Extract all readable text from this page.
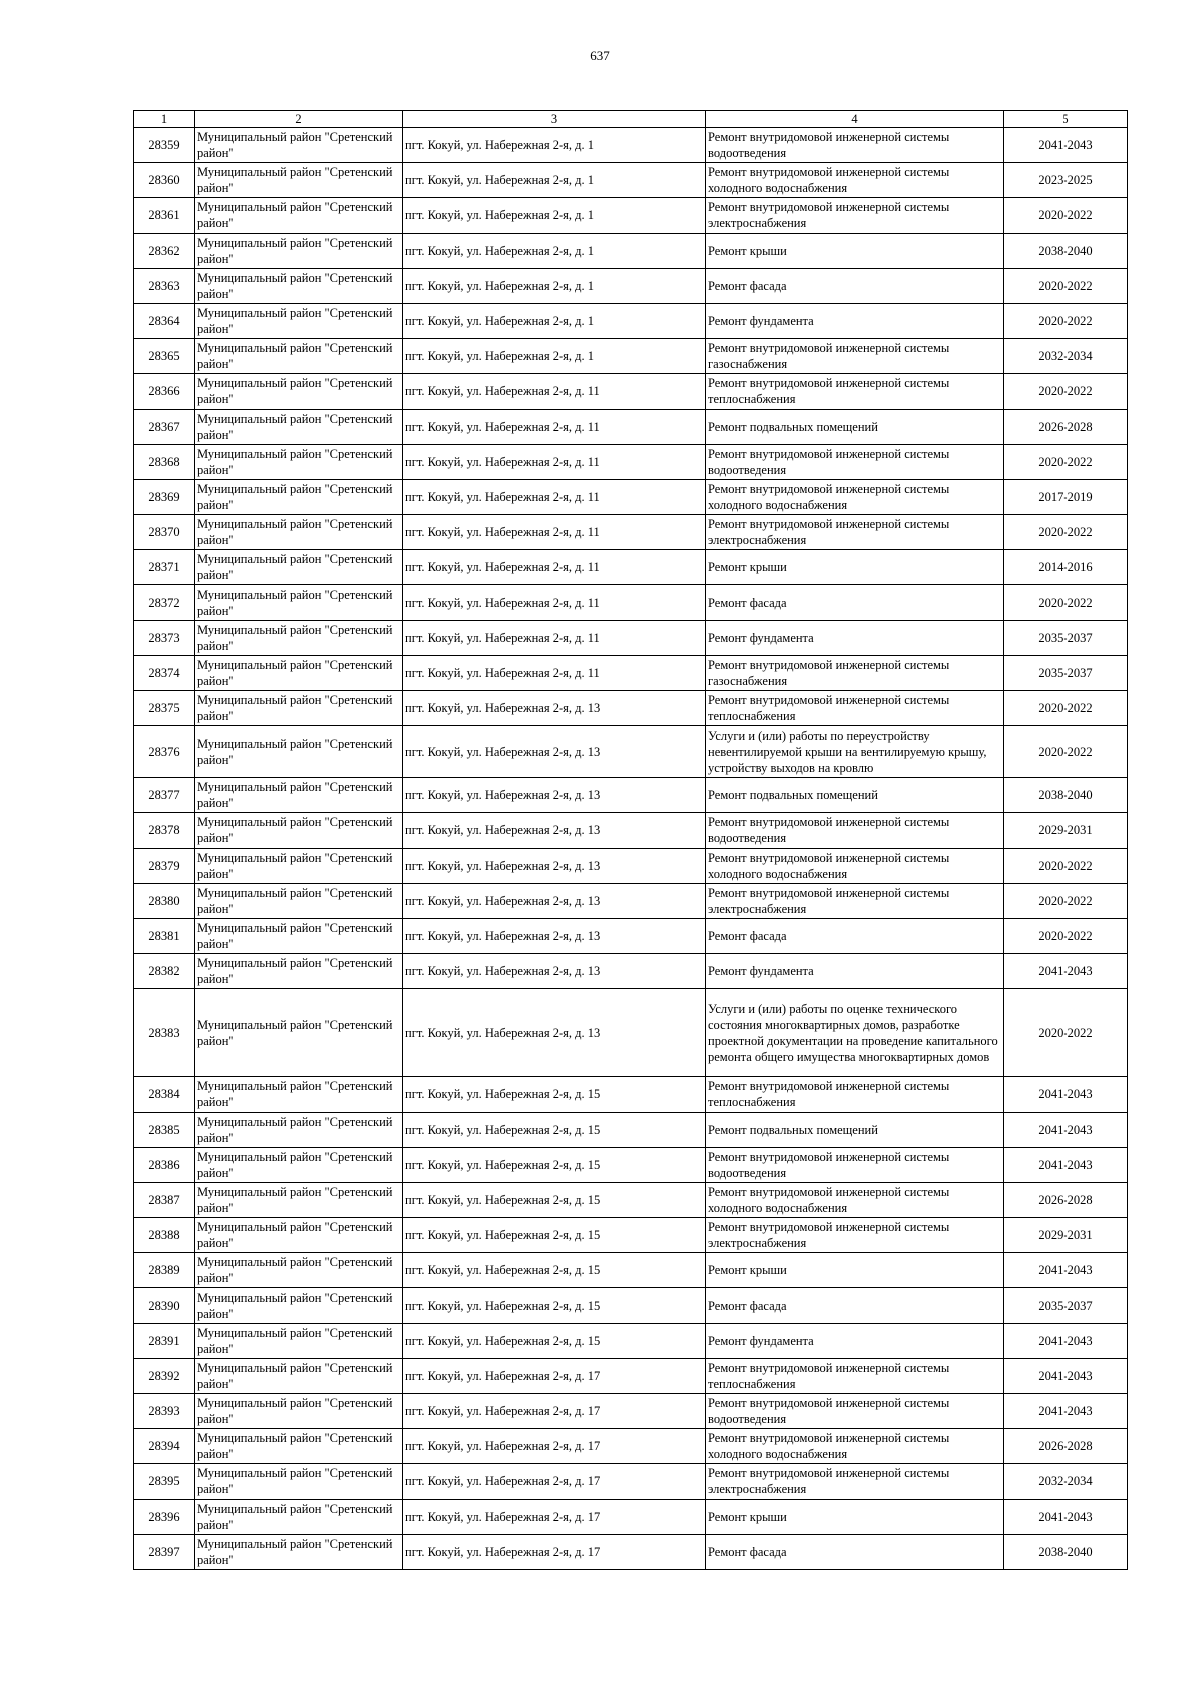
637
1	2	3	4	5
28359	Муниципальный район "Сретенский район"	пгт. Кокуй, ул. Набережная 2-я, д. 1	Ремонт внутридомовой инженерной системы водоотведения	2041-2043
28360	Муниципальный район "Сретенский район"	пгт. Кокуй, ул. Набережная 2-я, д. 1	Ремонт внутридомовой инженерной системы холодного водоснабжения	2023-2025
28361	Муниципальный район "Сретенский район"	пгт. Кокуй, ул. Набережная 2-я, д. 1	Ремонт внутридомовой инженерной системы электроснабжения	2020-2022
28362	Муниципальный район "Сретенский район"	пгт. Кокуй, ул. Набережная 2-я, д. 1	Ремонт крыши	2038-2040
28363	Муниципальный район "Сретенский район"	пгт. Кокуй, ул. Набережная 2-я, д. 1	Ремонт фасада	2020-2022
28364	Муниципальный район "Сретенский район"	пгт. Кокуй, ул. Набережная 2-я, д. 1	Ремонт фундамента	2020-2022
28365	Муниципальный район "Сретенский район"	пгт. Кокуй, ул. Набережная 2-я, д. 1	Ремонт внутридомовой инженерной системы газоснабжения	2032-2034
28366	Муниципальный район "Сретенский район"	пгт. Кокуй, ул. Набережная 2-я, д. 11	Ремонт внутридомовой инженерной системы теплоснабжения	2020-2022
28367	Муниципальный район "Сретенский район"	пгт. Кокуй, ул. Набережная 2-я, д. 11	Ремонт подвальных помещений	2026-2028
28368	Муниципальный район "Сретенский район"	пгт. Кокуй, ул. Набережная 2-я, д. 11	Ремонт внутридомовой инженерной системы водоотведения	2020-2022
28369	Муниципальный район "Сретенский район"	пгт. Кокуй, ул. Набережная 2-я, д. 11	Ремонт внутридомовой инженерной системы холодного водоснабжения	2017-2019
28370	Муниципальный район "Сретенский район"	пгт. Кокуй, ул. Набережная 2-я, д. 11	Ремонт внутридомовой инженерной системы электроснабжения	2020-2022
28371	Муниципальный район "Сретенский район"	пгт. Кокуй, ул. Набережная 2-я, д. 11	Ремонт крыши	2014-2016
28372	Муниципальный район "Сретенский район"	пгт. Кокуй, ул. Набережная 2-я, д. 11	Ремонт фасада	2020-2022
28373	Муниципальный район "Сретенский район"	пгт. Кокуй, ул. Набережная 2-я, д. 11	Ремонт фундамента	2035-2037
28374	Муниципальный район "Сретенский район"	пгт. Кокуй, ул. Набережная 2-я, д. 11	Ремонт внутридомовой инженерной системы газоснабжения	2035-2037
28375	Муниципальный район "Сретенский район"	пгт. Кокуй, ул. Набережная 2-я, д. 13	Ремонт внутридомовой инженерной системы теплоснабжения	2020-2022
28376	Муниципальный район "Сретенский район"	пгт. Кокуй, ул. Набережная 2-я, д. 13	Услуги и (или) работы по переустройству невентилируемой крыши на вентилируемую крышу, устройству выходов на кровлю	2020-2022
28377	Муниципальный район "Сретенский район"	пгт. Кокуй, ул. Набережная 2-я, д. 13	Ремонт подвальных помещений	2038-2040
28378	Муниципальный район "Сретенский район"	пгт. Кокуй, ул. Набережная 2-я, д. 13	Ремонт внутридомовой инженерной системы водоотведения	2029-2031
28379	Муниципальный район "Сретенский район"	пгт. Кокуй, ул. Набережная 2-я, д. 13	Ремонт внутридомовой инженерной системы холодного водоснабжения	2020-2022
28380	Муниципальный район "Сретенский район"	пгт. Кокуй, ул. Набережная 2-я, д. 13	Ремонт внутридомовой инженерной системы электроснабжения	2020-2022
28381	Муниципальный район "Сретенский район"	пгт. Кокуй, ул. Набережная 2-я, д. 13	Ремонт фасада	2020-2022
28382	Муниципальный район "Сретенский район"	пгт. Кокуй, ул. Набережная 2-я, д. 13	Ремонт фундамента	2041-2043
28383	Муниципальный район "Сретенский район"	пгт. Кокуй, ул. Набережная 2-я, д. 13	Услуги и (или) работы по оценке технического состояния многоквартирных домов, разработке проектной документации на проведение капитального ремонта общего имущества многоквартирных домов	2020-2022
28384	Муниципальный район "Сретенский район"	пгт. Кокуй, ул. Набережная 2-я, д. 15	Ремонт внутридомовой инженерной системы теплоснабжения	2041-2043
28385	Муниципальный район "Сретенский район"	пгт. Кокуй, ул. Набережная 2-я, д. 15	Ремонт подвальных помещений	2041-2043
28386	Муниципальный район "Сретенский район"	пгт. Кокуй, ул. Набережная 2-я, д. 15	Ремонт внутридомовой инженерной системы водоотведения	2041-2043
28387	Муниципальный район "Сретенский район"	пгт. Кокуй, ул. Набережная 2-я, д. 15	Ремонт внутридомовой инженерной системы холодного водоснабжения	2026-2028
28388	Муниципальный район "Сретенский район"	пгт. Кокуй, ул. Набережная 2-я, д. 15	Ремонт внутридомовой инженерной системы электроснабжения	2029-2031
28389	Муниципальный район "Сретенский район"	пгт. Кокуй, ул. Набережная 2-я, д. 15	Ремонт крыши	2041-2043
28390	Муниципальный район "Сретенский район"	пгт. Кокуй, ул. Набережная 2-я, д. 15	Ремонт фасада	2035-2037
28391	Муниципальный район "Сретенский район"	пгт. Кокуй, ул. Набережная 2-я, д. 15	Ремонт фундамента	2041-2043
28392	Муниципальный район "Сретенский район"	пгт. Кокуй, ул. Набережная 2-я, д. 17	Ремонт внутридомовой инженерной системы теплоснабжения	2041-2043
28393	Муниципальный район "Сретенский район"	пгт. Кокуй, ул. Набережная 2-я, д. 17	Ремонт внутридомовой инженерной системы водоотведения	2041-2043
28394	Муниципальный район "Сретенский район"	пгт. Кокуй, ул. Набережная 2-я, д. 17	Ремонт внутридомовой инженерной системы холодного водоснабжения	2026-2028
28395	Муниципальный район "Сретенский район"	пгт. Кокуй, ул. Набережная 2-я, д. 17	Ремонт внутридомовой инженерной системы электроснабжения	2032-2034
28396	Муниципальный район "Сретенский район"	пгт. Кокуй, ул. Набережная 2-я, д. 17	Ремонт крыши	2041-2043
28397	Муниципальный район "Сретенский район"	пгт. Кокуй, ул. Набережная 2-я, д. 17	Ремонт фасада	2038-2040
